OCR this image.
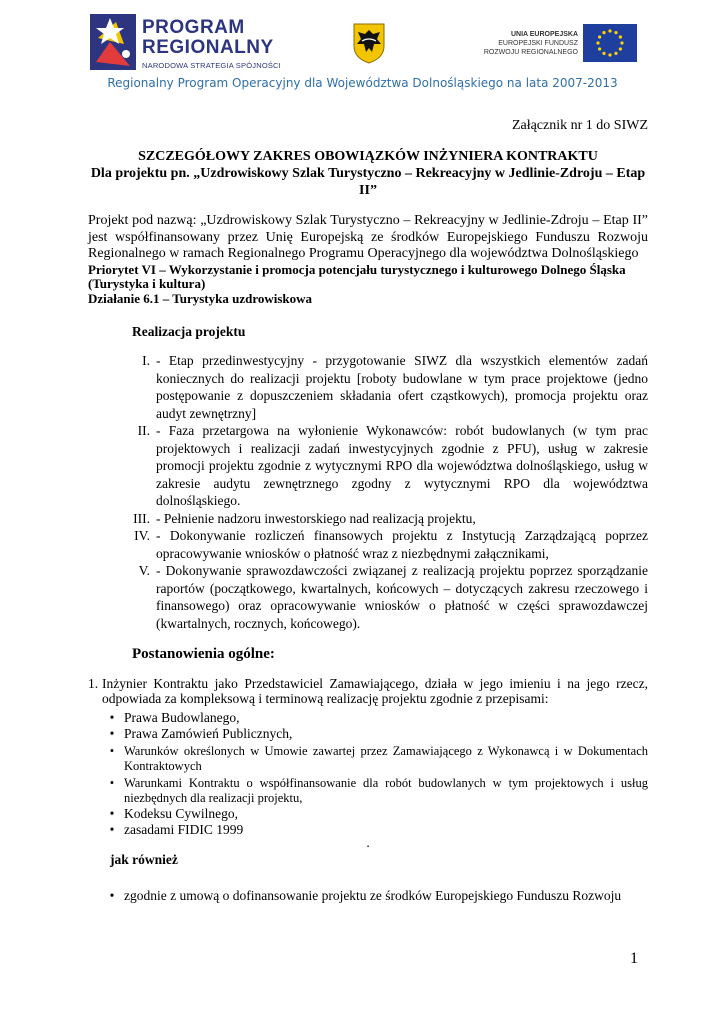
PROGRAM
REGIONALNY
NARODOWA STRATEGIA SPÓJNOŚCI
UNIA EUROPEJSKA
EUROPEJSKI FUNDUSZ
ROZWOJU REGIONALNEGO
Regionalny Program Operacyjny dla Województwa Dolnośląskiego na lata 2007-2013

Załącznik nr 1 do SIWZ

SZCZEGÓŁOWY ZAKRES OBOWIĄZKÓW INŻYNIERA KONTRAKTU
Dla projektu pn. „Uzdrowiskowy Szlak Turystyczno – Rekreacyjny w Jedlinie-Zdroju – Etap II”

Projekt pod nazwą: „Uzdrowiskowy Szlak Turystyczno – Rekreacyjny w Jedlinie-Zdroju – Etap II” jest współfinansowany przez Unię Europejską ze środków Europejskiego Funduszu Rozwoju Regionalnego w ramach Regionalnego Programu Operacyjnego dla województwa Dolnośląskiego

Priorytet VI – Wykorzystanie i promocja potencjału turystycznego i kulturowego Dolnego Śląska (Turystyka i kultura)

Działanie 6.1 – Turystyka uzdrowiskowa

Realizacja projektu

I. - Etap przedinwestycyjny - przygotowanie SIWZ dla wszystkich elementów zadań koniecznych do realizacji projektu [roboty budowlane w tym prace projektowe (jedno postępowanie z dopuszczeniem składania ofert cząstkowych), promocja projektu oraz audyt zewnętrzny]
II. - Faza przetargowa na wyłonienie Wykonawców: robót budowlanych (w tym prac projektowych i realizacji zadań inwestycyjnych zgodnie z PFU), usług w zakresie promocji projektu zgodnie z wytycznymi RPO dla województwa dolnośląskiego, usług w zakresie audytu zewnętrznego zgodny z wytycznymi RPO dla województwa dolnośląskiego.
III. - Pełnienie nadzoru inwestorskiego nad realizacją projektu,
IV. - Dokonywanie rozliczeń finansowych projektu z Instytucją Zarządzającą poprzez opracowywanie wniosków o płatność wraz z niezbędnymi załącznikami,
V. - Dokonywanie sprawozdawczości związanej z realizacją projektu poprzez sporządzanie raportów (początkowego, kwartalnych, końcowych – dotyczących zakresu rzeczowego i finansowego) oraz opracowywanie wniosków o płatność w części sprawozdawczej (kwartalnych, rocznych, końcowego).

Postanowienia ogólne:

1. Inżynier Kontraktu jako Przedstawiciel Zamawiającego, działa w jego imieniu i na jego rzecz, odpowiada za kompleksową i terminową realizację projektu zgodnie z przepisami:
• Prawa Budowlanego,
• Prawa Zamówień Publicznych,
• Warunków określonych w Umowie zawartej przez Zamawiającego z Wykonawcą i w Dokumentach Kontraktowych
• Warunkami Kontraktu o współfinansowanie dla robót budowlanych w tym projektowych i usług niezbędnych dla realizacji projektu,
• Kodeksu Cywilnego,
• zasadami FIDIC 1999
.

jak również

• zgodnie z umową o dofinansowanie projektu ze środków Europejskiego Funduszu Rozwoju
1
